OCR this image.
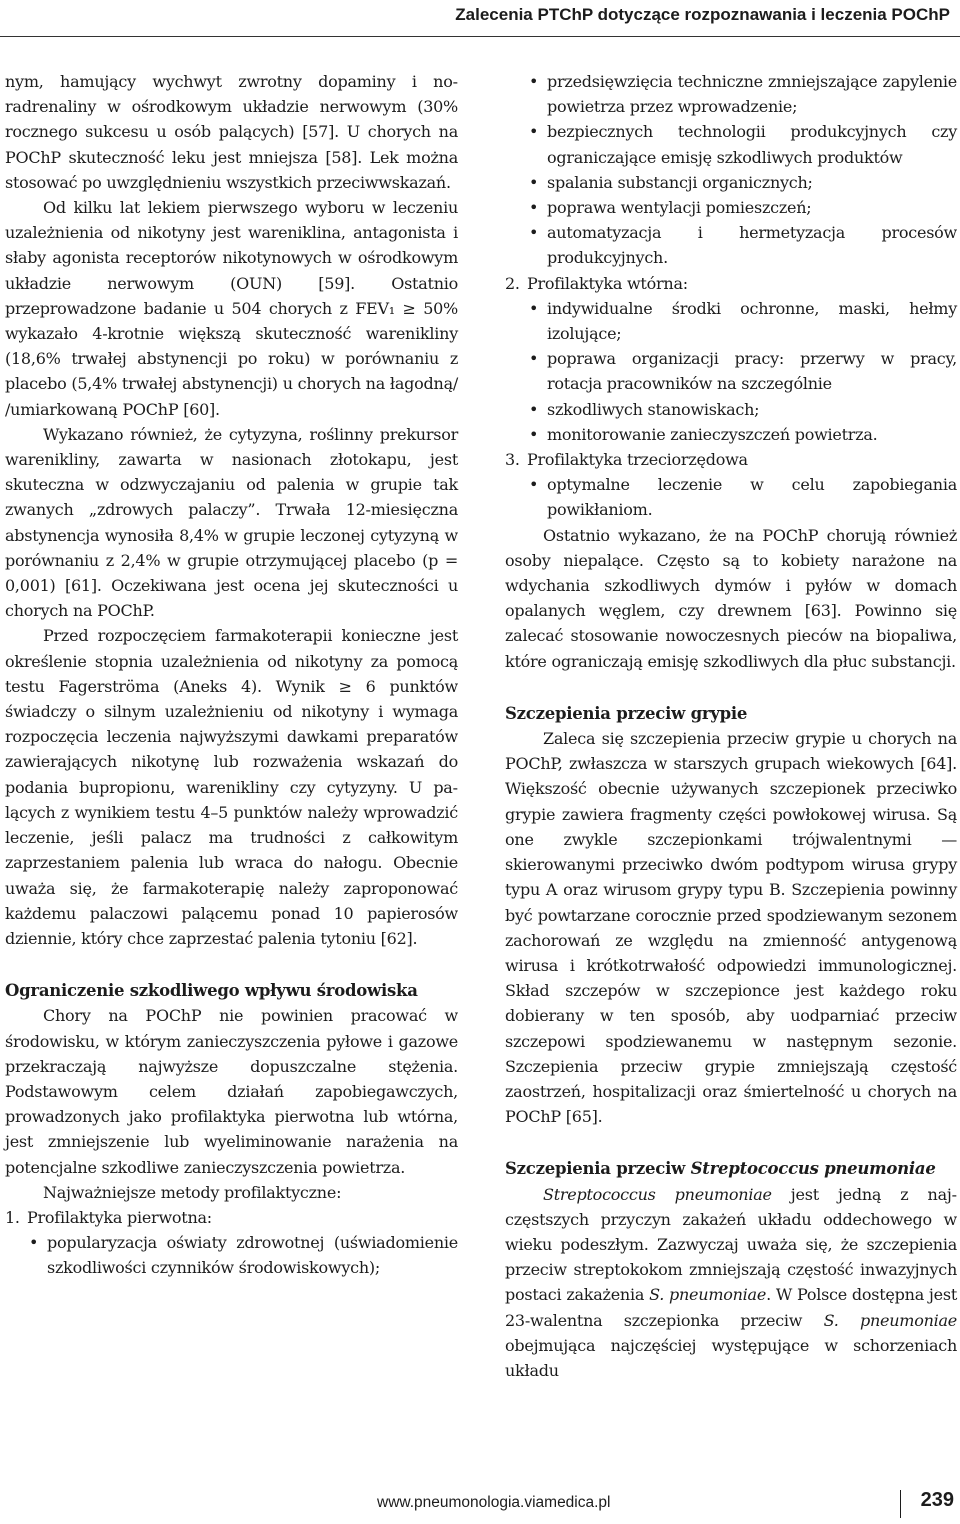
Zalecenia PTChP dotyczące rozpoznawania i leczenia POChP

nym, hamujący wychwyt zwrotny dopaminy i noradrenaliny w ośrodkowym układzie nerwowym (30% rocznego sukcesu u osób palących) [57]. U chorych na POChP skuteczność leku jest mniejsza [58]. Lek można stosować po uwzględnieniu wszystkich przeciwwskazań.

Od kilku lat lekiem pierwszego wyboru w leczeniu uzależnienia od nikotyny jest wareniklina, antagonista i słaby agonista receptorów nikotynowych w ośrodkowym układzie nerwowym (OUN) [59]. Ostatnio przeprowadzone badanie u 504 chorych z FEV₁ ≥ 50% wykazało 4-krotnie większą skuteczność warenikliny (18,6% trwałej abstynencji po roku) w porównaniu z placebo (5,4% trwałej abstynencji) u chorych na łagodną/ /umiarkowaną POChP [60].

Wykazano również, że cytyzyna, roślinny prekursor warenikliny, zawarta w nasionach złotokapu, jest skuteczna w odzwyczajaniu od palenia w grupie tak zwanych „zdrowych palaczy”. Trwała 12-miesięczna abstynencja wynosiła 8,4% w grupie leczonej cytyzyną w porównaniu z 2,4% w grupie otrzymującej placebo (p = 0,001) [61]. Oczekiwana jest ocena jej skuteczności u chorych na POChP.

Przed rozpoczęciem farmakoterapii konieczne jest określenie stopnia uzależnienia od nikotyny za pomocą testu Fagerströma (Aneks 4). Wynik ≥ 6 punktów świadczy o silnym uzależnieniu od nikotyny i wymaga rozpoczęcia leczenia najwyższymi dawkami preparatów zawierających nikotynę lub rozważenia wskazań do podania bupropionu, warenikliny czy cytyzyny. U palących z wynikiem testu 4–5 punktów należy wprowadzić leczenie, jeśli palacz ma trudności z całkowitym zaprzestaniem palenia lub wraca do nałogu. Obecnie uważa się, że farmakoterapię należy zaproponować każdemu palaczowi palącemu ponad 10 papierosów dziennie, który chce zaprzestać palenia tytoniu [62].

Ograniczenie szkodliwego wpływu środowiska

Chory na POChP nie powinien pracować w środowisku, w którym zanieczyszczenia pyłowe i gazowe przekraczają najwyższe dopuszczalne stężenia. Podstawowym celem działań zapobiegawczych, prowadzonych jako profilaktyka pierwotna lub wtórna, jest zmniejszenie lub wyeliminowanie narażenia na potencjalne szkodliwe zanieczyszczenia powietrza.

Najważniejsze metody profilaktyczne:

1. Profilaktyka pierwotna:
• popularyzacja oświaty zdrowotnej (uświadomienie szkodliwości czynników środowiskowych);
• przedsięwzięcia techniczne zmniejszające zapylenie powietrza przez wprowadzenie;
• bezpiecznych technologii produkcyjnych czy ograniczające emisję szkodliwych produktów
• spalania substancji organicznych;
• poprawa wentylacji pomieszczeń;
• automatyzacja i hermetyzacja procesów produkcyjnych.
2. Profilaktyka wtórna:
• indywidualne środki ochronne, maski, hełmy izolujące;
• poprawa organizacji pracy: przerwy w pracy, rotacja pracowników na szczególnie
• szkodliwych stanowiskach;
• monitorowanie zanieczyszczeń powietrza.
3. Profilaktyka trzeciorzędowa
• optymalne leczenie w celu zapobiegania powikłaniom.

Ostatnio wykazano, że na POChP chorują również osoby niepalące. Często są to kobiety narażone na wdychania szkodliwych dymów i pyłów w domach opalanych węglem, czy drewnem [63]. Powinno się zalecać stosowanie nowoczesnych pieców na biopaliwa, które ograniczają emisję szkodliwych dla płuc substancji.

Szczepienia przeciw grypie

Zaleca się szczepienia przeciw grypie u chorych na POChP, zwłaszcza w starszych grupach wiekowych [64]. Większość obecnie używanych szczepionek przeciwko grypie zawiera fragmenty części powłokowej wirusa. Są one zwykle szczepionkami trójwalentnymi — skierowanymi przeciwko dwóm podtypom wirusa grypy typu A oraz wirusom grypy typu B. Szczepienia powinny być powtarzane corocznie przed spodziewanym sezonem zachorowań ze względu na zmienność antygenową wirusa i krótkotrwałość odpowiedzi immunologicznej. Skład szczepów w szczepionce jest każdego roku dobierany w ten sposób, aby uodparniać przeciw szczepowi spodziewanemu w następnym sezonie. Szczepienia przeciw grypie zmniejszają częstość zaostrzeń, hospitalizacji oraz śmiertelność u chorych na POChP [65].

Szczepienia przeciw Streptococcus pneumoniae

Streptococcus pneumoniae jest jedną z najczęstszych przyczyn zakażeń układu oddechowego w wieku podeszłym. Zazwyczaj uważa się, że szczepienia przeciw streptokokom zmniejszają częstość inwazyjnych postaci zakażenia S. pneumoniae. W Polsce dostępna jest 23-walentna szczepionka przeciw S. pneumoniae obejmująca najczęściej występujące w schorzeniach układu

www.pneumonologia.viamedica.pl	239
